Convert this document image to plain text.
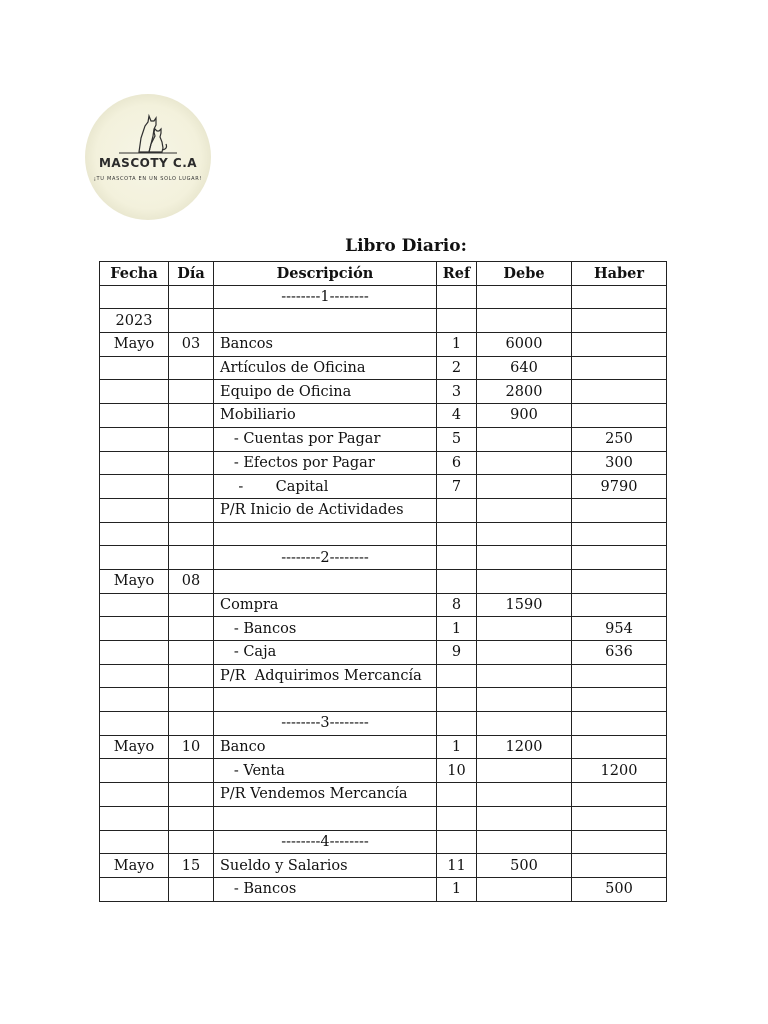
MASCOTY C.A
¡TU MASCOTA EN UN SOLO LUGAR!
Libro Diario:
Fecha	Día	Descripción	Ref	Debe	Haber
		--------1--------			
2023					
Mayo	03	Bancos	1	6000	
		Artículos de Oficina	2	640	
		Equipo de Oficina	3	2800	
		Mobiliario	4	900	
		- Cuentas por Pagar	5		250
		- Efectos por Pagar	6		300
		-       Capital	7		9790
		P/R Inicio de Actividades			

		--------2--------			
Mayo	08				
		Compra	8	1590	
		- Bancos	1		954
		- Caja	9		636
		P/R  Adquirimos Mercancía			

		--------3--------			
Mayo	10	Banco	1	1200	
		- Venta	10		1200
		P/R Vendemos Mercancía			

		--------4--------			
Mayo	15	Sueldo y Salarios	11	500	
		- Bancos	1		500
